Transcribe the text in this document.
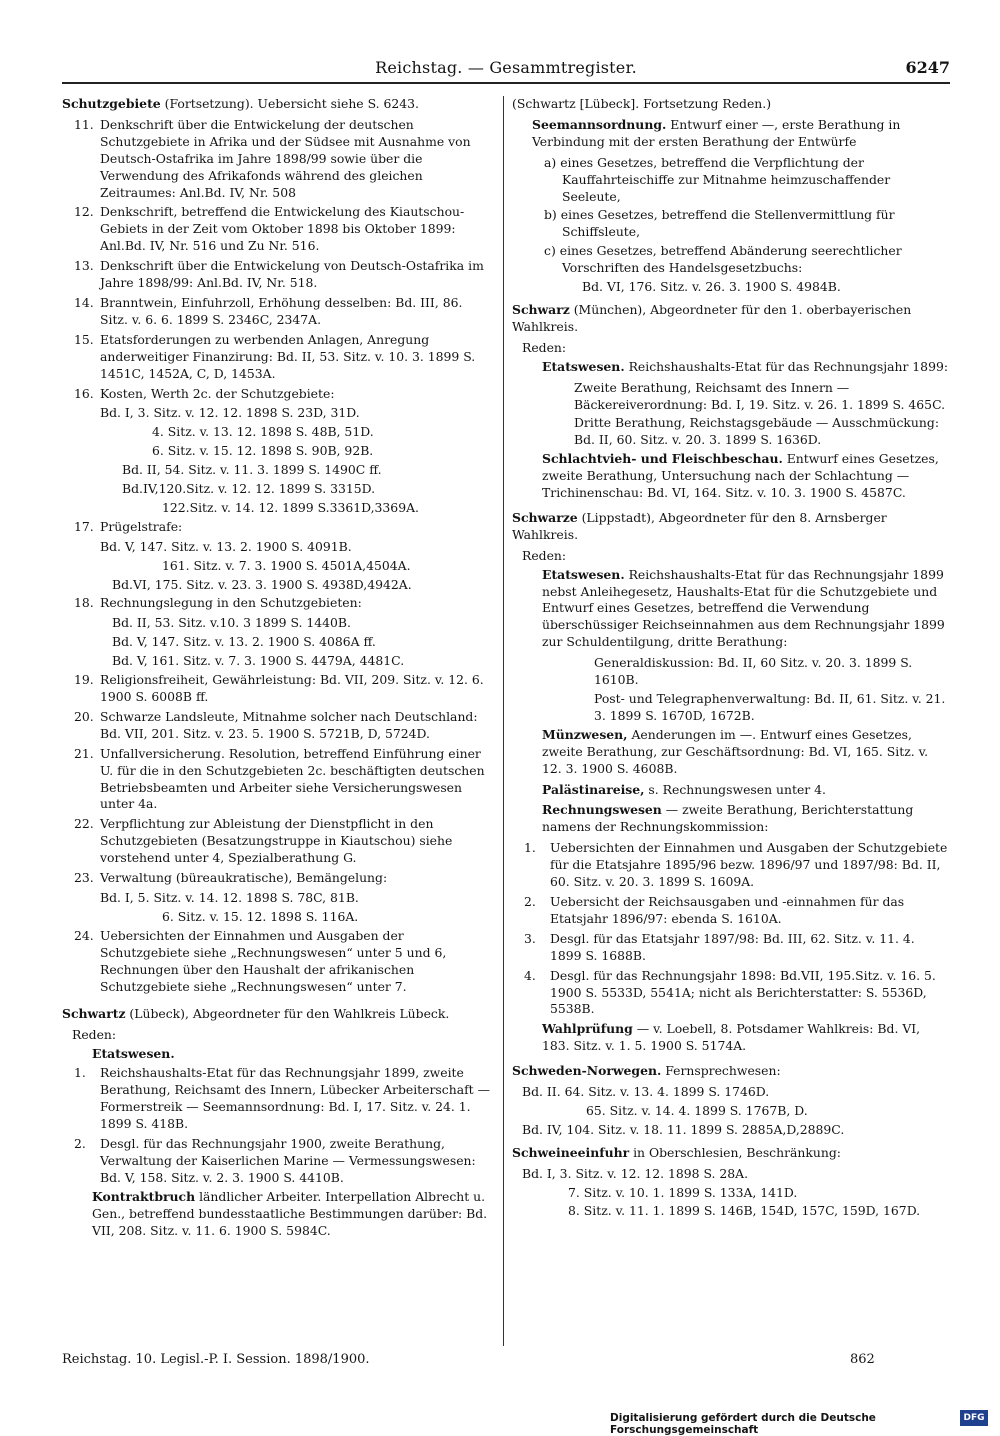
Reichstag. — Gesammtregister.	6247

Schutzgebiete (Fortsetzung). Uebersicht siehe S. 6243.

11. Denkschrift über die Entwickelung der deutschen Schutzgebiete in Afrika und der Südsee mit Ausnahme von Deutsch-Ostafrika im Jahre 1898/99 sowie über die Verwendung des Afrikafonds während des gleichen Zeitraumes: Anl.Bd. IV, Nr. 508

12. Denkschrift, betreffend die Entwickelung des Kiautschou-Gebiets in der Zeit vom Oktober 1898 bis Oktober 1899: Anl.Bd. IV, Nr. 516 und Zu Nr. 516.

13. Denkschrift über die Entwickelung von Deutsch-Ostafrika im Jahre 1898/99: Anl.Bd. IV, Nr. 518.

14. Branntwein, Einfuhrzoll, Erhöhung desselben: Bd. III, 86. Sitz. v. 6. 6. 1899 S. 2346C, 2347A.

15. Etatsforderungen zu werbenden Anlagen, Anregung anderweitiger Finanzirung: Bd. II, 53. Sitz. v. 10. 3. 1899 S. 1451C, 1452A, C, D, 1453A.

16. Kosten, Werth 2c. der Schutzgebiete:

Bd. I, 3. Sitz. v. 12. 12. 1898 S. 23D, 31D.

4. Sitz. v. 13. 12. 1898 S. 48B, 51D.

6. Sitz. v. 15. 12. 1898 S. 90B, 92B.

Bd. II, 54. Sitz. v. 11. 3. 1899 S. 1490C ff.

Bd.IV,120.Sitz. v. 12. 12. 1899 S. 3315D.

122.Sitz. v. 14. 12. 1899 S.3361D,3369A.

17. Prügelstrafe:

Bd. V, 147. Sitz. v. 13. 2. 1900 S. 4091B.

161. Sitz. v. 7. 3. 1900 S. 4501A,4504A.

Bd.VI, 175. Sitz. v. 23. 3. 1900 S. 4938D,4942A.

18. Rechnungslegung in den Schutzgebieten:

Bd. II, 53. Sitz. v.10. 3 1899 S. 1440B.

Bd. V, 147. Sitz. v. 13. 2. 1900 S. 4086A ff.

Bd. V, 161. Sitz. v. 7. 3. 1900 S. 4479A, 4481C.

19. Religionsfreiheit, Gewährleistung: Bd. VII, 209. Sitz. v. 12. 6. 1900 S. 6008B ff.

20. Schwarze Landsleute, Mitnahme solcher nach Deutschland: Bd. VII, 201. Sitz. v. 23. 5. 1900 S. 5721B, D, 5724D.

21. Unfallversicherung. Resolution, betreffend Einführung einer U. für die in den Schutzgebieten 2c. beschäftigten deutschen Betriebsbeamten und Arbeiter siehe Versicherungswesen unter 4a.

22. Verpflichtung zur Ableistung der Dienstpflicht in den Schutzgebieten (Besatzungstruppe in Kiautschou) siehe vorstehend unter 4, Spezialberathung G.

23. Verwaltung (büreaukratische), Bemängelung:

Bd. I, 5. Sitz. v. 14. 12. 1898 S. 78C, 81B.

6. Sitz. v. 15. 12. 1898 S. 116A.

24. Uebersichten der Einnahmen und Ausgaben der Schutzgebiete siehe „Rechnungswesen“ unter 5 und 6, Rechnungen über den Haushalt der afrikanischen Schutzgebiete siehe „Rechnungswesen“ unter 7.

Schwartz (Lübeck), Abgeordneter für den Wahlkreis Lübeck.

Reden:

Etatswesen.

1. Reichshaushalts-Etat für das Rechnungsjahr 1899, zweite Berathung, Reichsamt des Innern, Lübecker Arbeiterschaft — Formerstreik — Seemannsordnung: Bd. I, 17. Sitz. v. 24. 1. 1899 S. 418B.

2. Desgl. für das Rechnungsjahr 1900, zweite Berathung, Verwaltung der Kaiserlichen Marine — Vermessungswesen: Bd. V, 158. Sitz. v. 2. 3. 1900 S. 4410B.

Kontraktbruch ländlicher Arbeiter. Interpellation Albrecht u. Gen., betreffend bundesstaatliche Bestimmungen darüber: Bd. VII, 208. Sitz. v. 11. 6. 1900 S. 5984C.

(Schwartz [Lübeck]. Fortsetzung Reden.)

Seemannsordnung. Entwurf einer —, erste Berathung in Verbindung mit der ersten Berathung der Entwürfe

a) eines Gesetzes, betreffend die Verpflichtung der Kauffahrteischiffe zur Mitnahme heimzuschaffender Seeleute,

b) eines Gesetzes, betreffend die Stellenvermittlung für Schiffsleute,

c) eines Gesetzes, betreffend Abänderung seerechtlicher Vorschriften des Handelsgesetzbuchs:

Bd. VI, 176. Sitz. v. 26. 3. 1900 S. 4984B.

Schwarz (München), Abgeordneter für den 1. oberbayerischen Wahlkreis.

Reden:

Etatswesen. Reichshaushalts-Etat für das Rechnungsjahr 1899:

Zweite Berathung, Reichsamt des Innern — Bäckereiverordnung: Bd. I, 19. Sitz. v. 26. 1. 1899 S. 465C.

Dritte Berathung, Reichstagsgebäude — Ausschmückung: Bd. II, 60. Sitz. v. 20. 3. 1899 S. 1636D.

Schlachtvieh- und Fleischbeschau. Entwurf eines Gesetzes, zweite Berathung, Untersuchung nach der Schlachtung — Trichinenschau: Bd. VI, 164. Sitz. v. 10. 3. 1900 S. 4587C.

Schwarze (Lippstadt), Abgeordneter für den 8. Arnsberger Wahlkreis.

Reden:

Etatswesen. Reichshaushalts-Etat für das Rechnungsjahr 1899 nebst Anleihegesetz, Haushalts-Etat für die Schutzgebiete und Entwurf eines Gesetzes, betreffend die Verwendung überschüssiger Reichseinnahmen aus dem Rechnungsjahr 1899 zur Schuldentilgung, dritte Berathung:

Generaldiskussion: Bd. II, 60 Sitz. v. 20. 3. 1899 S. 1610B.

Post- und Telegraphenverwaltung: Bd. II, 61. Sitz. v. 21. 3. 1899 S. 1670D, 1672B.

Münzwesen, Aenderungen im —. Entwurf eines Gesetzes, zweite Berathung, zur Geschäftsordnung: Bd. VI, 165. Sitz. v. 12. 3. 1900 S. 4608B.

Palästinareise, s. Rechnungswesen unter 4.

Rechnungswesen — zweite Berathung, Berichterstattung namens der Rechnungskommission:

1. Uebersichten der Einnahmen und Ausgaben der Schutzgebiete für die Etatsjahre 1895/96 bezw. 1896/97 und 1897/98: Bd. II, 60. Sitz. v. 20. 3. 1899 S. 1609A.

2. Uebersicht der Reichsausgaben und -einnahmen für das Etatsjahr 1896/97: ebenda S. 1610A.

3. Desgl. für das Etatsjahr 1897/98: Bd. III, 62. Sitz. v. 11. 4. 1899 S. 1688B.

4. Desgl. für das Rechnungsjahr 1898: Bd.VII, 195.Sitz. v. 16. 5. 1900 S. 5533D, 5541A; nicht als Berichterstatter: S. 5536D, 5538B.

Wahlprüfung — v. Loebell, 8. Potsdamer Wahlkreis: Bd. VI, 183. Sitz. v. 1. 5. 1900 S. 5174A.

Schweden-Norwegen. Fernsprechwesen:

Bd. II. 64. Sitz. v. 13. 4. 1899 S. 1746D.

65. Sitz. v. 14. 4. 1899 S. 1767B, D.

Bd. IV, 104. Sitz. v. 18. 11. 1899 S. 2885A,D,2889C.

Schweineeinfuhr in Oberschlesien, Beschränkung:

Bd. I, 3. Sitz. v. 12. 12. 1898 S. 28A.

7. Sitz. v. 10. 1. 1899 S. 133A, 141D.

8. Sitz. v. 11. 1. 1899 S. 146B, 154D, 157C, 159D, 167D.

Reichstag. 10. Legisl.-P. I. Session. 1898/1900.	862
Digitalisierung gefördert durch die Deutsche Forschungsgemeinschaft
DFG
